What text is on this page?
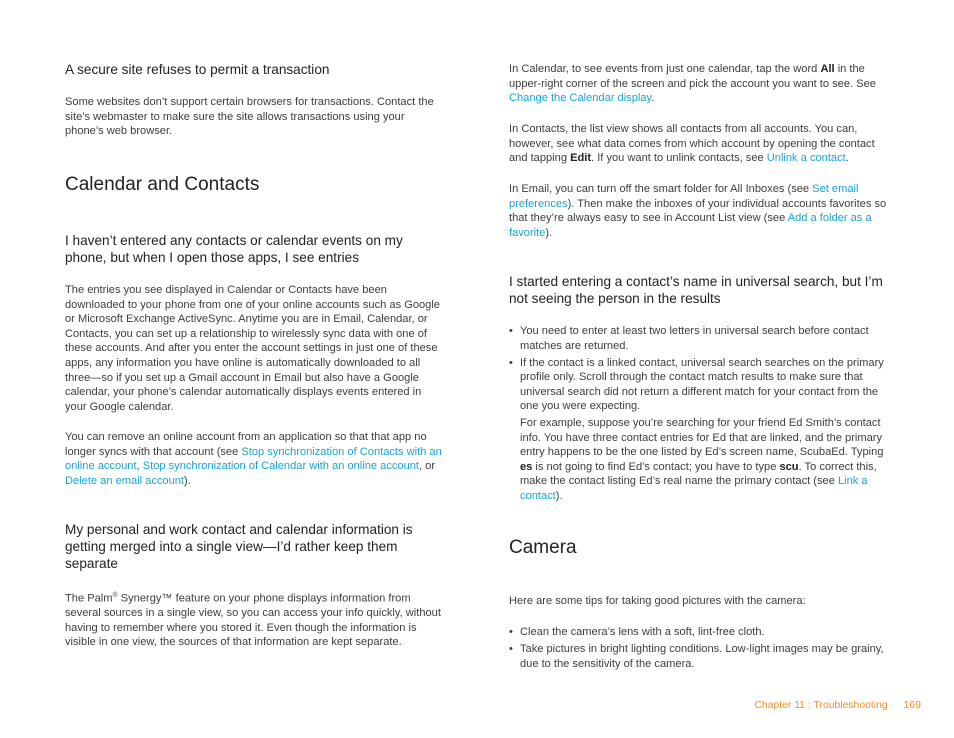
A secure site refuses to permit a transaction
Some websites don’t support certain browsers for transactions. Contact the site’s webmaster to make sure the site allows transactions using your phone’s web browser.
Calendar and Contacts
I haven’t entered any contacts or calendar events on my phone, but when I open those apps, I see entries
The entries you see displayed in Calendar or Contacts have been downloaded to your phone from one of your online accounts such as Google or Microsoft Exchange ActiveSync. Anytime you are in Email, Calendar, or Contacts, you can set up a relationship to wirelessly sync data with one of these accounts. And after you enter the account settings in just one of these apps, any information you have online is automatically downloaded to all three—so if you set up a Gmail account in Email but also have a Google calendar, your phone’s calendar automatically displays events entered in your Google calendar.
You can remove an online account from an application so that that app no longer syncs with that account (see Stop synchronization of Contacts with an online account, Stop synchronization of Calendar with an online account, or Delete an email account).
My personal and work contact and calendar information is getting merged into a single view—I’d rather keep them separate
The Palm® Synergy™ feature on your phone displays information from several sources in a single view, so you can access your info quickly, without having to remember where you stored it. Even though the information is visible in one view, the sources of that information are kept separate.
In Calendar, to see events from just one calendar, tap the word All in the upper-right corner of the screen and pick the account you want to see. See Change the Calendar display.
In Contacts, the list view shows all contacts from all accounts. You can, however, see what data comes from which account by opening the contact and tapping Edit. If you want to unlink contacts, see Unlink a contact.
In Email, you can turn off the smart folder for All Inboxes (see Set email preferences). Then make the inboxes of your individual accounts favorites so that they’re always easy to see in Account List view (see Add a folder as a favorite).
I started entering a contact’s name in universal search, but I’m not seeing the person in the results
• You need to enter at least two letters in universal search before contact matches are returned.
• If the contact is a linked contact, universal search searches on the primary profile only. Scroll through the contact match results to make sure that universal search did not return a different match for your contact from the one you were expecting.
For example, suppose you’re searching for your friend Ed Smith’s contact info. You have three contact entries for Ed that are linked, and the primary entry happens to be the one listed by Ed’s screen name, ScubaEd. Typing es is not going to find Ed’s contact; you have to type scu. To correct this, make the contact listing Ed’s real name the primary contact (see Link a contact).
Camera
Here are some tips for taking good pictures with the camera:
• Clean the camera’s lens with a soft, lint-free cloth.
• Take pictures in bright lighting conditions. Low-light images may be grainy, due to the sensitivity of the camera.
Chapter 11 : Troubleshooting 169
